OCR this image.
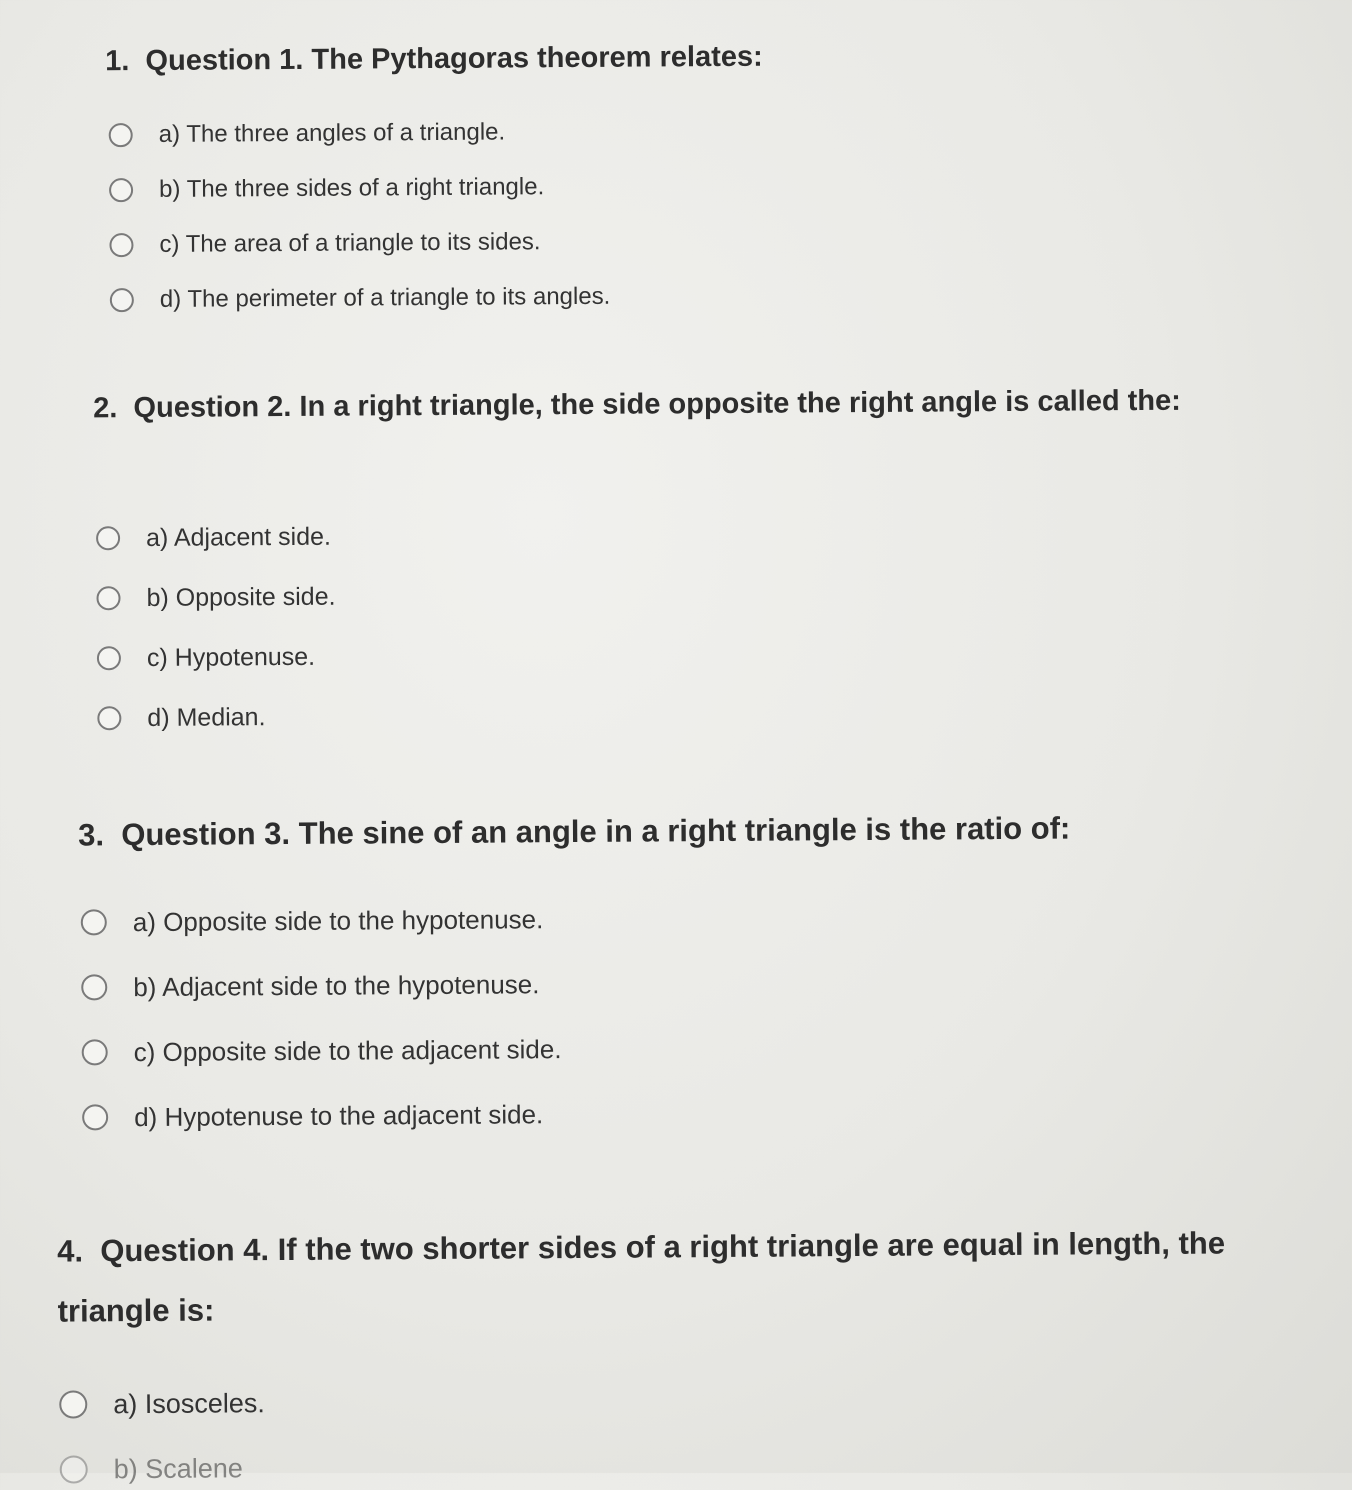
1.  Question 1. The Pythagoras theorem relates:
a) The three angles of a triangle.
b) The three sides of a right triangle.
c) The area of a triangle to its sides.
d) The perimeter of a triangle to its angles.
2.  Question 2. In a right triangle, the side opposite the right angle is called the:
a) Adjacent side.
b) Opposite side.
c) Hypotenuse.
d) Median.
3.  Question 3. The sine of an angle in a right triangle is the ratio of:
a) Opposite side to the hypotenuse.
b) Adjacent side to the hypotenuse.
c) Opposite side to the adjacent side.
d) Hypotenuse to the adjacent side.
4.  Question 4. If the two shorter sides of a right triangle are equal in length, the triangle is:
a) Isosceles.
b) Scalene
